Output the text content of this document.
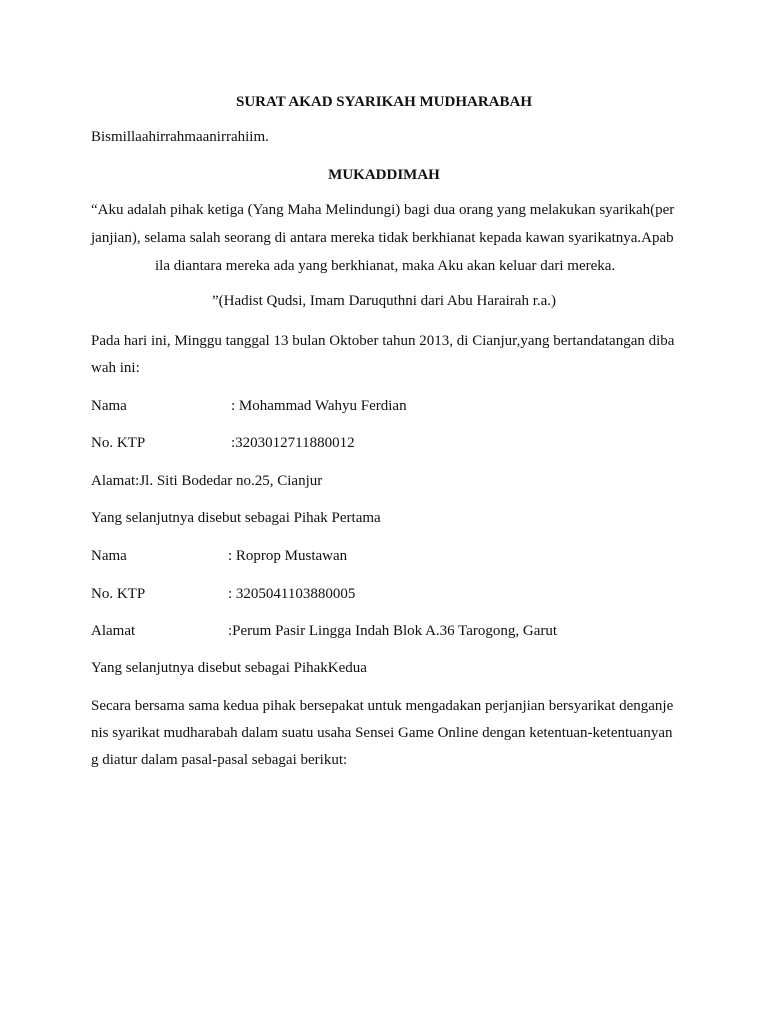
SURAT AKAD SYARIKAH MUDHARABAH
Bismillaahirrahmaanirrahiim.
MUKADDIMAH
“Aku adalah pihak ketiga (Yang Maha Melindungi) bagi dua orang yang melakukan syarikah(per
janjian), selama salah seorang di antara mereka tidak berkhianat kepada kawan syarikatnya.Apab
ila diantara mereka ada yang berkhianat, maka Aku akan keluar dari mereka.
”(Hadist Qudsi, Imam Daruquthni dari Abu Harairah r.a.)
Pada hari ini, Minggu tanggal 13 bulan Oktober tahun 2013, di Cianjur,yang bertandatangan diba
wah ini:
Nama	: Mohammad Wahyu Ferdian
No. KTP	:3203012711880012
Alamat:Jl. Siti Bodedar no.25, Cianjur
Yang selanjutnya disebut sebagai Pihak Pertama
Nama	: Roprop Mustawan
No. KTP	: 3205041103880005
Alamat	:Perum Pasir Lingga Indah Blok A.36 Tarogong, Garut
Yang selanjutnya disebut sebagai PihakKedua
Secara bersama sama kedua pihak bersepakat untuk mengadakan perjanjian bersyarikat denganje
nis syarikat mudharabah dalam suatu usaha Sensei Game Online dengan ketentuan-ketentuanyan
g diatur dalam pasal-pasal sebagai berikut:
